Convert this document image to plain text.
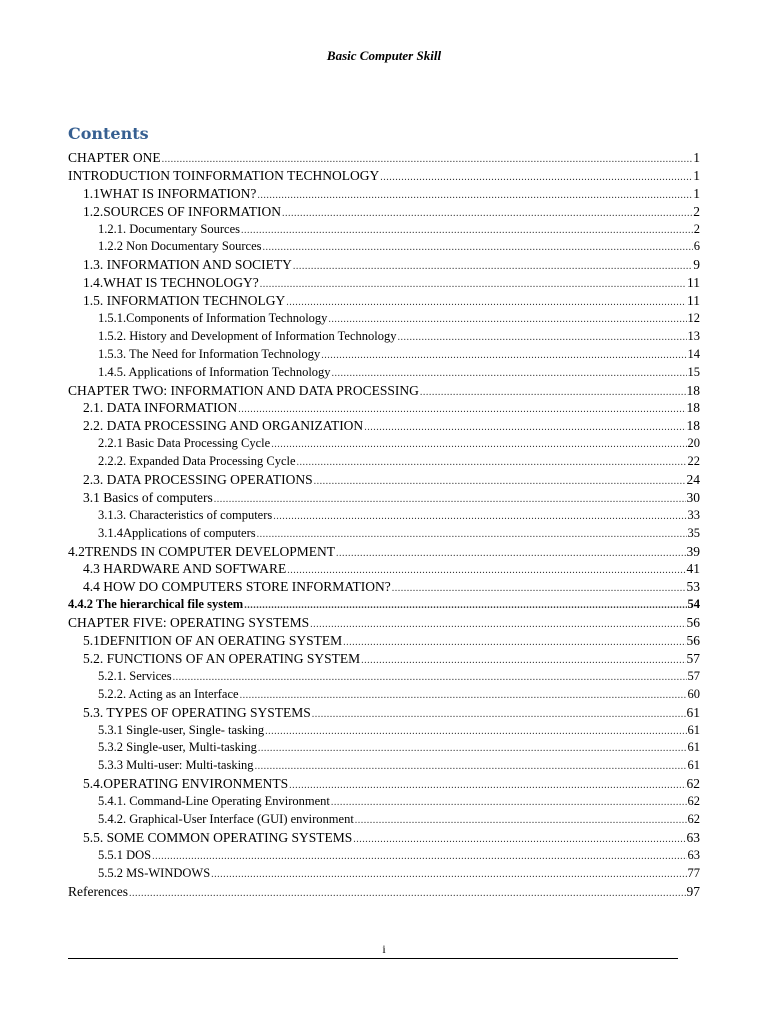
Basic Computer Skill
Contents
CHAPTER ONE .....	1
INTRODUCTION TOINFORMATION TECHNOLOGY .....	1
1.1WHAT IS INFORMATION? .....	1
1.2.SOURCES OF INFORMATION .....	2
1.2.1. Documentary Sources .....	2
1.2.2 Non Documentary Sources .....	6
1.3. INFORMATION AND SOCIETY .....	9
1.4.WHAT IS TECHNOLOGY? .....	11
1.5. INFORMATION TECHNOLGY .....	11
1.5.1.Components of Information Technology .....	12
1.5.2. History and Development of Information Technology .....	13
1.5.3. The Need for Information Technology .....	14
1.4.5. Applications of Information Technology .....	15
CHAPTER TWO: INFORMATION AND DATA PROCESSING .....	18
2.1. DATA INFORMATION .....	18
2.2. DATA PROCESSING AND ORGANIZATION .....	18
2.2.1 Basic Data Processing Cycle .....	20
2.2.2. Expanded Data Processing Cycle .....	22
2.3. DATA PROCESSING OPERATIONS .....	24
3.1 Basics of computers .....	30
3.1.3. Characteristics of computers .....	33
3.1.4Applications of computers .....	35
4.2TRENDS IN COMPUTER DEVELOPMENT .....	39
4.3 HARDWARE AND SOFTWARE .....	41
4.4 HOW DO COMPUTERS STORE INFORMATION? .....	53
4.4.2 The hierarchical file system .....	54
CHAPTER FIVE: OPERATING SYSTEMS .....	56
5.1DEFNITION OF AN OERATING SYSTEM .....	56
5.2. FUNCTIONS OF AN OPERATING SYSTEM .....	57
5.2.1. Services .....	57
5.2.2. Acting as an Interface .....	60
5.3. TYPES OF OPERATING SYSTEMS .....	61
5.3.1 Single-user, Single- tasking .....	61
5.3.2 Single-user, Multi-tasking .....	61
5.3.3 Multi-user: Multi-tasking .....	61
5.4.OPERATING ENVIRONMENTS .....	62
5.4.1. Command-Line Operating Environment .....	62
5.4.2. Graphical-User Interface (GUI) environment .....	62
5.5. SOME COMMON OPERATING SYSTEMS .....	63
5.5.1 DOS .....	63
5.5.2 MS-WINDOWS .....	77
References .....	97
i
